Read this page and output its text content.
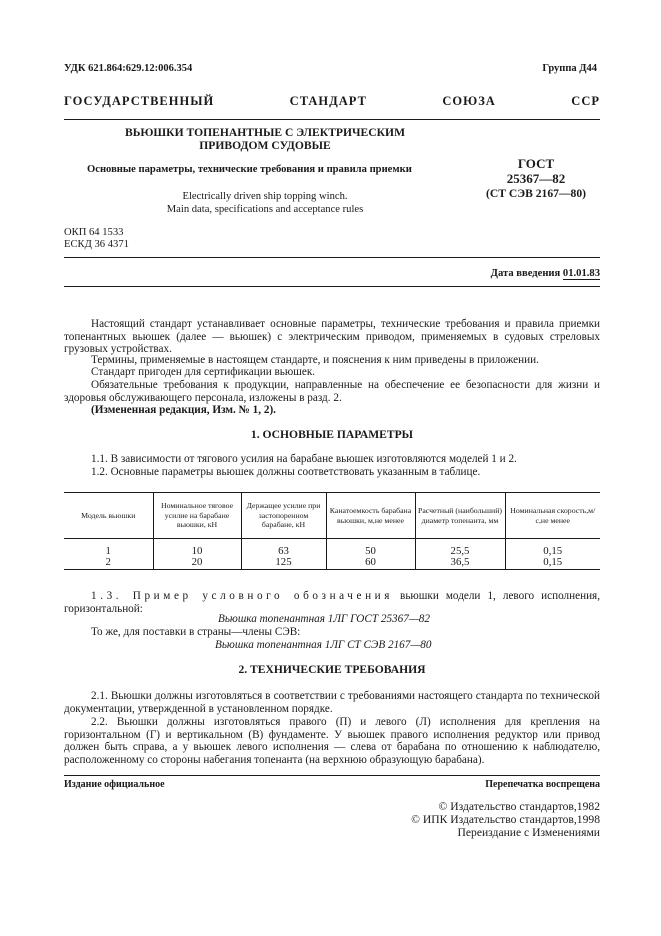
УДК 621.864:629.12:006.354	Группа Д44
ГОСУДАРСТВЕННЫЙ СТАНДАРТ СОЮЗА ССР
ВЬЮШКИ ТОПЕНАНТНЫЕ С ЭЛЕКТРИЧЕСКИМ
ПРИВОДОМ СУДОВЫЕ
Основные параметры, технические требования и правила приемки
Electrically driven ship topping winch.
Main data, specifications and acceptance rules
ГОСТ
25367—82
(СТ СЭВ 2167—80)
ОКП 64 1533
ЕСКД 36 4371
Дата введения 01.01.83
Настоящий стандарт устанавливает основные параметры, технические требования и правила приемки топенантных вьюшек (далее — вьюшек) с электрическим приводом, применяемых в судовых стреловых грузовых устройствах.
Термины, применяемые в настоящем стандарте, и пояснения к ним приведены в приложении.
Стандарт пригоден для сертификации вьюшек.
Обязательные требования к продукции, направленные на обеспечение ее безопасности для жизни и здоровья обслуживающего персонала, изложены в разд. 2.
(Измененная редакция, Изм. № 1, 2).
1. ОСНОВНЫЕ ПАРАМЕТРЫ
1.1. В зависимости от тягового усилия на барабане вьюшек изготовляются моделей 1 и 2.
1.2. Основные параметры вьюшек должны соответствовать указанным в таблице.
Модель вьюшки	Номинальное тяговое усилие на барабане вьюшки, кН	Держащее усилие при застопоренном барабане, кН	Канатоемкость барабана вьюшки, м,не менее	Расчетный (наибольший) диаметр топенанта, мм	Номинальная скорость,м/с,не менее
1	10	63	50	25,5	0,15
2	20	125	60	36,5	0,15
1.3. Пример условного обозначения вьюшки модели 1, левого исполнения, горизонтальной:
Вьюшка топенантная 1ЛГ ГОСТ 25367—82
То же, для поставки в страны—члены СЭВ:
Вьюшка топенантная 1ЛГ СТ СЭВ 2167—80
2. ТЕХНИЧЕСКИЕ ТРЕБОВАНИЯ
2.1. Вьюшки должны изготовляться в соответствии с требованиями настоящего стандарта по технической документации, утвержденной в установленном порядке.
2.2. Вьюшки должны изготовляться правого (П) и левого (Л) исполнения для крепления на горизонтальном (Г) и вертикальном (В) фундаменте. У вьюшек правого исполнения редуктор или привод должен быть справа, а у вьюшек левого исполнения — слева от барабана по отношению к наблюдателю, расположенному со стороны набегания топенанта (на верхнюю образующую барабана).
Издание официальное	Перепечатка воспрещена
© Издательство стандартов,1982
© ИПК Издательство стандартов,1998
Переиздание с Изменениями
